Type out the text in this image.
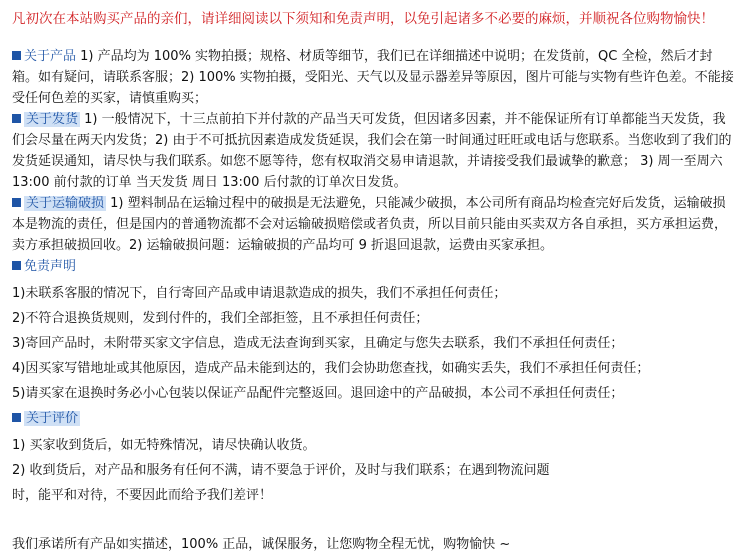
凡初次在本站购买产品的亲们，请详细阅读以下须知和免责声明，以免引起诸多不必要的麻烦，并顺祝各位购物愉快！

关于产品 1) 产品均为 100% 实物拍摄；规格、材质等细节，我们已在详细描述中说明；在发货前，QC 全检，然后才封箱。如有疑问，请联系客服；2) 100% 实物拍摄，受阳光、天气以及显示器差异等原因，图片可能与实物有些许色差。不能接受任何色差的买家，请慎重购买；

关于发货 1) 一般情况下，十三点前拍下并付款的产品当天可发货，但因诸多因素，并不能保证所有订单都能当天发货，我们会尽量在两天内发货；2) 由于不可抵抗因素造成发货延误，我们会在第一时间通过旺旺或电话与您联系。当您收到了我们的发货延误通知，请尽快与我们联系。如您不愿等待，您有权取消交易申请退款，并请接受我们最诚挚的歉意； 3) 周一至周六 13:00 前付款的订单 当天发货 周日 13:00 后付款的订单次日发货。

关于运输破损 1) 塑料制品在运输过程中的破损是无法避免，只能减少破损，本公司所有商品均检查完好后发货，运输破损本是物流的责任，但是国内的普通物流都不会对运输破损赔偿或者负责，所以目前只能由买卖双方各自承担，买方承担运费，卖方承担破损回收。2) 运输破损问题：运输破损的产品均可 9 折退回退款，运费由买家承担。

免责声明

1)未联系客服的情况下，自行寄回产品或申请退款造成的损失，我们不承担任何责任；

2)不符合退换货规则，发到付件的，我们全部拒签，且不承担任何责任；

3)寄回产品时，未附带买家文字信息，造成无法查询到买家，且确定与您失去联系，我们不承担任何责任；

4)因买家写错地址或其他原因，造成产品未能到达的，我们会协助您查找，如确实丢失，我们不承担任何责任；

5)请买家在退换时务必小心包装以保证产品配件完整返回。退回途中的产品破损，本公司不承担任何责任；

关于评价

1) 买家收到货后，如无特殊情况，请尽快确认收货。

2) 收到货后，对产品和服务有任何不满，请不要急于评价，及时与我们联系；在遇到物流问题

时，能平和对待，不要因此而给予我们差评！

我们承诺所有产品如实描述，100% 正品，诚保服务，让您购物全程无忧，购物愉快 ~
